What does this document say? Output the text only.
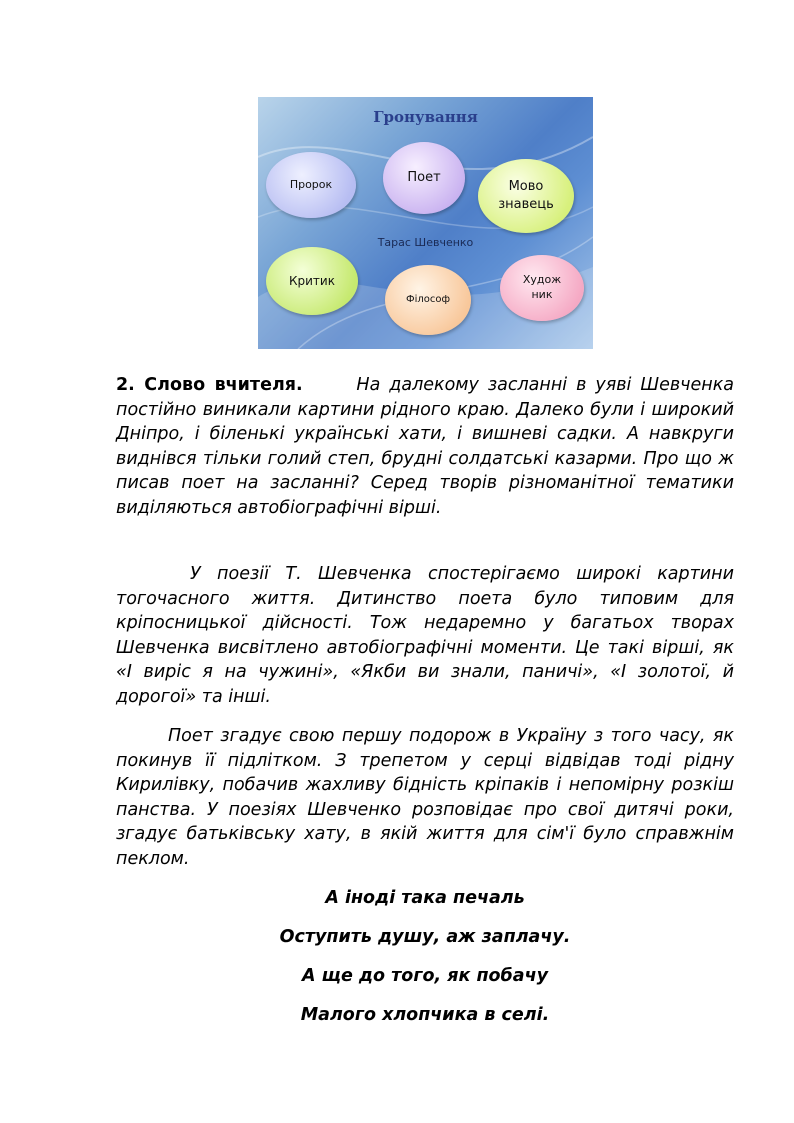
Гронування
Пророк	Поет
Мово
знавець
Критик
Філософ
Худож
ник
Тарас Шевченко

2. Слово вчителя.	На далекому засланні в уяві Шевченка постійно виникали картини рідного краю. Далеко були і широкий Дніпро, і біленькі українські хати, і вишневі садки. А навкруги виднівся тільки голий степ, брудні солдатські казарми. Про що ж писав поет на засланні? Серед творів різноманітної тематики виділяються автобіографічні вірші.

У поезії Т. Шевченка спостерігаємо широкі картини тогочасного життя. Дитинство поета було типовим для кріпосницької дійсності. Тож недаремно у багатьох творах Шевченка висвітлено автобіографічні моменти. Це такі вірші, як «І виріс я на чужині», «Якби ви знали, паничі», «І золотої, й дорогої» та інші.

Поет згадує свою першу подорож в Україну з того часу, як покинув її підлітком. З трепетом у серці відвідав тоді рідну Кирилівку, побачив жахливу бідність кріпаків і непомірну розкіш панства. У поезіях Шевченко розповідає про свої дитячі роки, згадує батьківську хату, в якій життя для сім'ї було справжнім пеклом.

А іноді така печаль
Оступить душу, аж заплачу.
А ще до того, як побачу
Малого хлопчика в селі.
